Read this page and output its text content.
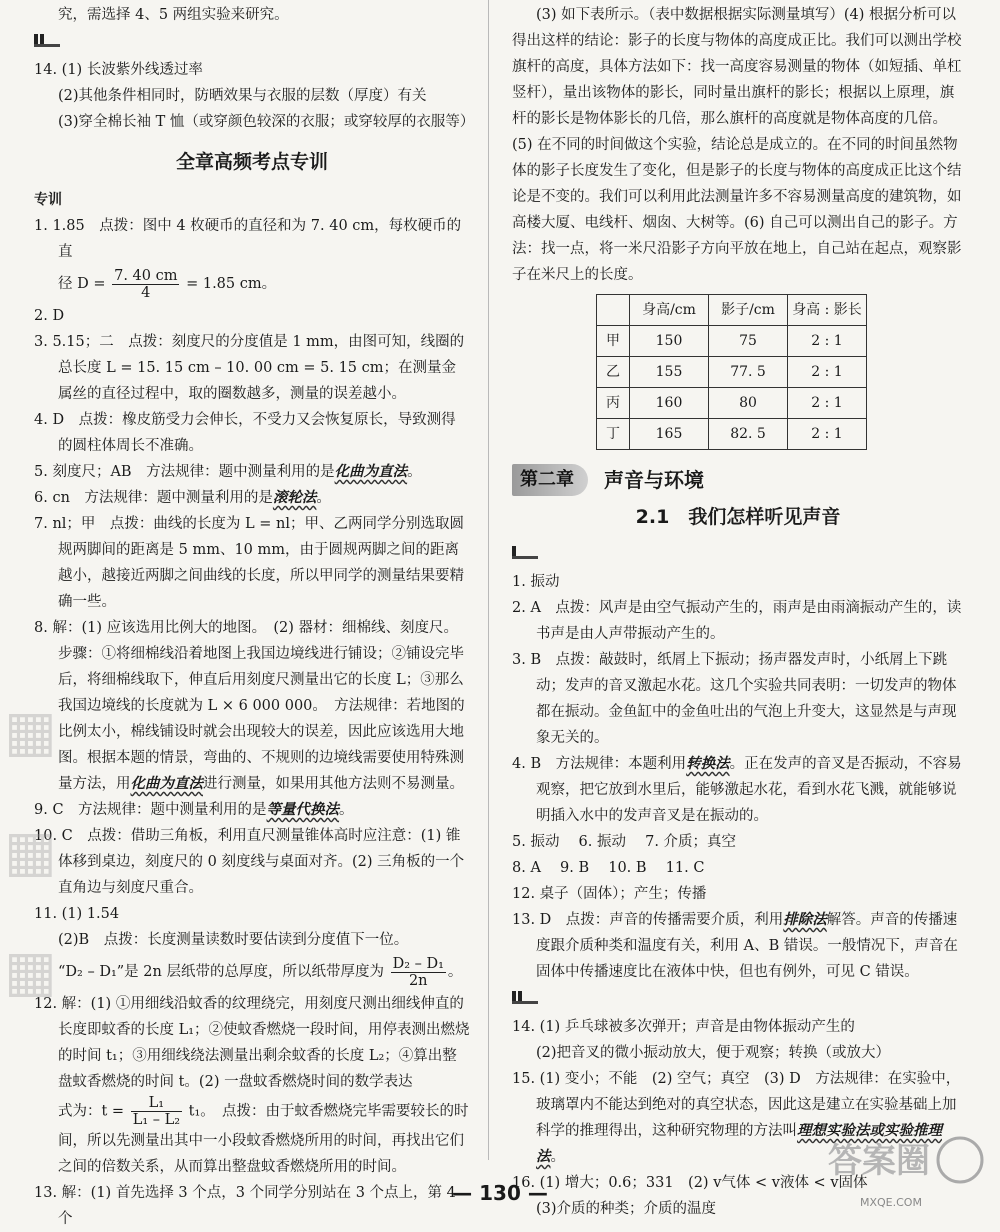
究，需选择 4、5 两组实验来研究。

14. (1) 长波紫外线透过率

(2)其他条件相同时，防晒效果与衣服的层数（厚度）有关

(3)穿全棉长袖 T 恤（或穿颜色较深的衣服；或穿较厚的衣服等）

全章高频考点专训

专训

1. 1.85　点拨：图中 4 枚硬币的直径和为 7. 40 cm，每枚硬币的直

径 $D = \frac{7. 40 cm}{4} = 1.85$ cm。

2. D

3. 5.15；二　点拨：刻度尺的分度值是 1 mm，由图可知，线圈的总长度 L = 15. 15 cm – 10. 00 cm = 5. 15 cm；在测量金属丝的直径过程中，取的圈数越多，测量的误差越小。

4. D　点拨：橡皮筋受力会伸长，不受力又会恢复原长，导致测得的圆柱体周长不准确。

5. 刻度尺；AB　方法规律：题中测量利用的是化曲为直法。

6. cn　方法规律：题中测量利用的是滚轮法。

7. nl；甲　点拨：曲线的长度为 L = nl；甲、乙两同学分别选取圆规两脚间的距离是 5 mm、10 mm，由于圆规两脚之间的距离越小，越接近两脚之间曲线的长度，所以甲同学的测量结果要精确一些。

8. 解：(1) 应该选用比例大的地图。　(2) 器材：细棉线、刻度尺。步骤：①将细棉线沿着地图上我国边境线进行铺设；②铺设完毕后，将细棉线取下，伸直后用刻度尺测量出它的长度 L；③那么我国边境线的长度就为 L × 6 000 000。　方法规律：若地图的比例太小，棉线铺设时就会出现较大的误差，因此应该选用大地图。根据本题的情景，弯曲的、不规则的边境线需要使用特殊测量方法，用化曲为直法进行测量，如果用其他方法则不易测量。

9. C　方法规律：题中测量利用的是等量代换法。

10. C　点拨：借助三角板，利用直尺测量锥体高时应注意：(1) 锥体移到桌边，刻度尺的 0 刻度线与桌面对齐。(2) 三角板的一个直角边与刻度尺重合。

11. (1) 1.54

(2)B　点拨：长度测量读数时要估读到分度值下一位。

“D₂ – D₁”是 2n 层纸带的总厚度，所以纸带厚度为 $\frac{\text{D₂ – D₁}}{2n}$ 。

12. 解：(1) ①用细线沿蚊香的纹理绕完，用刻度尺测出细线伸直的长度即蚊香的长度 L₁；②使蚊香燃烧一段时间，用停表测出燃烧的时间 t₁；③用细线绕法测量出剩余蚊香的长度 L₂；④算出整盘蚊香燃烧的时间 t。(2) 一盘蚊香燃烧时间的数学表达

式为：$t = \frac{\text{L₁}}{\text{L₁ – L₂}} t_1$。　点拨：由于蚊香燃烧完毕需要较长的时间，所以先测量出其中一小段蚊香燃烧所用的时间，再找出它们之间的倍数关系，从而算出整盘蚊香燃烧所用的时间。

13. 解：(1) 首先选择 3 个点，3 个同学分别站在 3 个点上，第 4 个

(3) 如下表所示。（表中数据根据实际测量填写）(4) 根据分析可以得出这样的结论：影子的长度与物体的高度成正比。我们可以测出学校旗杆的高度，具体方法如下：找一高度容易测量的物体（如短插、单杠竖杆），量出该物体的影长，同时量出旗杆的影长；根据以上原理，旗杆的影长是物体影长的几倍，那么旗杆的高度就是物体高度的几倍。(5) 在不同的时间做这个实验，结论总是成立的。在不同的时间虽然物体的影子长度发生了变化，但是影子的长度与物体的高度成正比这个结论是不变的。我们可以利用此法测量许多不容易测量高度的建筑物，如高楼大厦、电线杆、烟囱、大树等。(6) 自己可以测出自己的影子。方法：找一点，将一米尺沿影子方向平放在地上，自己站在起点，观察影子在米尺上的长度。

	身高/cm	影子/cm	身高 : 影长
甲	150	75	2 : 1
乙	155	77. 5	2 : 1
丙	160	80	2 : 1
丁	165	82. 5	2 : 1
第二章	声音与环境
2.1　我们怎样听见声音

1. 振动

2. A　点拨：风声是由空气振动产生的，雨声是由雨滴振动产生的，读书声是由人声带振动产生的。

3. B　点拨：敲鼓时，纸屑上下振动；扬声器发声时，小纸屑上下跳动；发声的音叉激起水花。这几个实验共同表明：一切发声的物体都在振动。金鱼缸中的金鱼吐出的气泡上升变大，这显然是与声现象无关的。

4. B　方法规律：本题利用转换法。正在发声的音叉是否振动，不容易观察，把它放到水里后，能够激起水花，看到水花飞溅，就能够说明插入水中的发声音叉是在振动的。

5. 振动　 6. 振动　 7. 介质；真空

8. A　 9. B　 10. B　 11. C

12. 桌子（固体）；产生；传播

13. D　点拨：声音的传播需要介质，利用排除法解答。声音的传播速度跟介质种类和温度有关，利用 A、B 错误。一般情况下，声音在固体中传播速度比在液体中快，但也有例外，可见 C 错误。

14. (1) 乒乓球被多次弹开；声音是由物体振动产生的

(2)把音叉的微小振动放大，便于观察；转换（或放大）

15. (1) 变小；不能　(2) 空气；真空　(3) D　方法规律：在实验中，玻璃罩内不能达到绝对的真空状态，因此这是建立在实验基础上加科学的推理得出，这种研究物理的方法叫理想实验法或实验推理法。

16. (1) 增大；0.6；331　(2) v气体 < v液体 < v固体

(3)介质的种类；介质的温度

▦
▦
▦
答案圈
MXQE.COM
— 130 —
